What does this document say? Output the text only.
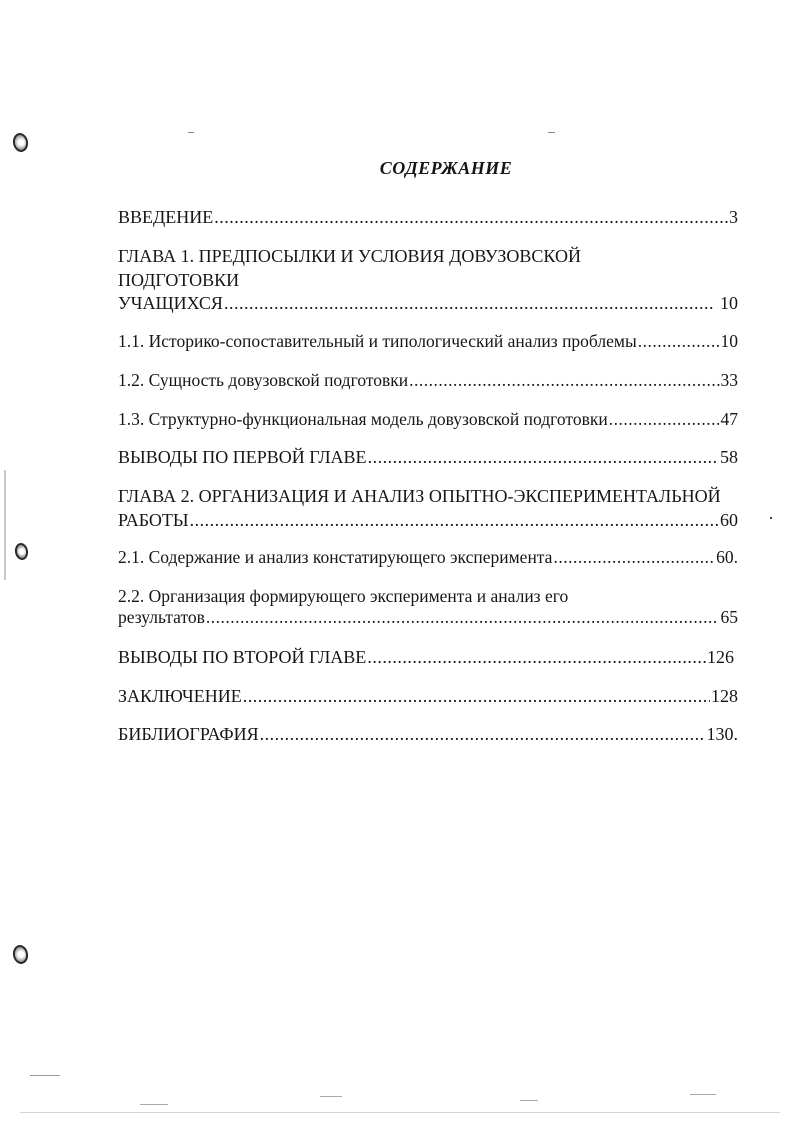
СОДЕРЖАНИЕ
ВВЕДЕНИЕ .....	3
ГЛАВА 1. ПРЕДПОСЫЛКИ И УСЛОВИЯ ДОВУЗОВСКОЙ
ПОДГОТОВКИ
УЧАЩИХСЯ .....	10
1.1. Историко-сопоставительный и типологический анализ проблемы .....	10
1.2. Сущность довузовской подготовки .....	33
1.3. Структурно-функциональная модель довузовской подготовки .....	47
ВЫВОДЫ ПО ПЕРВОЙ ГЛАВЕ .....	58
ГЛАВА 2. ОРГАНИЗАЦИЯ И АНАЛИЗ ОПЫТНО-ЭКСПЕРИМЕНТАЛЬНОЙ
РАБОТЫ .....	60
2.1. Содержание и анализ констатирующего эксперимента .....	60.
2.2. Организация формирующего эксперимента и анализ его
результатов .....	65
ВЫВОДЫ ПО ВТОРОЙ ГЛАВЕ .....	126
ЗАКЛЮЧЕНИЕ .....	128
БИБЛИОГРАФИЯ .....	130.
